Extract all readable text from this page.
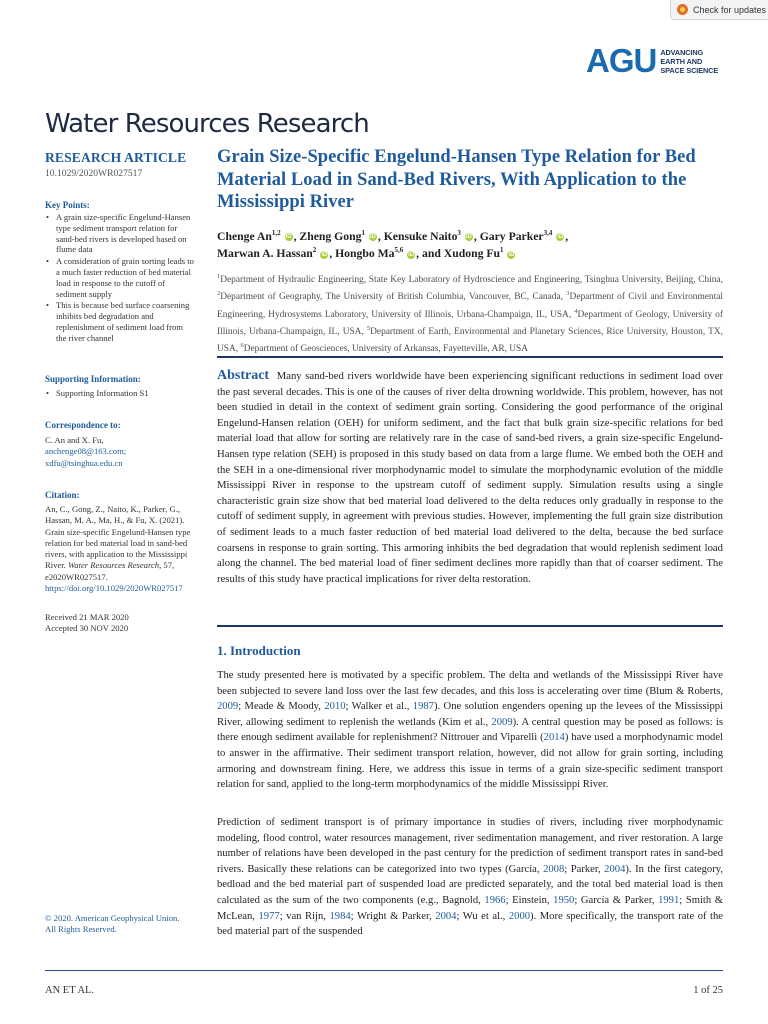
Check for updates
AGU ADVANCING
EARTH AND
SPACE SCIENCE
Water Resources Research
RESEARCH ARTICLE
10.1029/2020WR027517
Key Points:
• A grain size-specific Engelund-Hansen type sediment transport relation for sand-bed rivers is developed based on flume data
• A consideration of grain sorting leads to a much faster reduction of bed material load in response to the cutoff of sediment supply
• This is because bed surface coarsening inhibits bed degradation and replenishment of sediment load from the river channel
Supporting Information:
• Supporting Information S1
Correspondence to:
C. An and X. Fu,
anchenge08@163.com;
xdfu@tsinghua.edu.cn
Citation:
An, C., Gong, Z., Naito, K., Parker, G., Hassan, M. A., Ma, H., & Fu, X. (2021). Grain size-specific Engelund-Hansen type relation for bed material load in sand-bed rivers, with application to the Mississippi River. Water Resources Research, 57, e2020WR027517. https://doi.org/10.1029/2020WR027517
Received 21 MAR 2020
Accepted 30 NOV 2020
© 2020. American Geophysical Union.
All Rights Reserved.
Grain Size-Specific Engelund-Hansen Type Relation for Bed Material Load in Sand-Bed Rivers, With Application to the Mississippi River
Chenge An$^{1,2}$ iD , Zheng Gong$^1$ iD , Kensuke Naito$^3$ iD , Gary Parker$^{3,4}$ iD ,
Marwan A. Hassan$^2$ iD , Hongbo Ma$^{5,6}$ iD , and Xudong Fu$^1$ iD
$^1$Department of Hydraulic Engineering, State Key Laboratory of Hydroscience and Engineering, Tsinghua University, Beijing, China, $^2$Department of Geography, The University of British Columbia, Vancouver, BC, Canada, $^3$Department of Civil and Environmental Engineering, Hydrosystems Laboratory, University of Illinois, Urbana-Champaign, IL, USA, $^4$Department of Geology, University of Illinois, Urbana-Champaign, IL, USA, $^5$Department of Earth, Environmental and Planetary Sciences, Rice University, Houston, TX, USA, $^6$Department of Geosciences, University of Arkansas, Fayetteville, AR, USA
Abstract Many sand-bed rivers worldwide have been experiencing significant reductions in sediment load over the past several decades. This is one of the causes of river delta drowning worldwide. This problem, however, has not been studied in detail in the context of sediment grain sorting. Considering the good performance of the original Engelund-Hansen relation (OEH) for uniform sediment, and the fact that bulk grain size-specific relations for bed material load that allow for sorting are relatively rare in the case of sand-bed rivers, a grain size-specific Engelund-Hansen type relation (SEH) is proposed in this study based on data from a large flume. We embed both the OEH and the SEH in a one-dimensional river morphodynamic model to simulate the morphodynamic evolution of the middle Mississippi River in response to the upstream cutoff of sediment supply. Simulation results using a single characteristic grain size show that bed material load delivered to the delta reduces only gradually in response to the cutoff of sediment supply, in agreement with previous studies. However, implementing the full grain size distribution of sediment leads to a much faster reduction of bed material load delivered to the delta, because the bed surface coarsens in response to grain sorting. This armoring inhibits the bed degradation that would replenish sediment load along the channel. The bed material load of finer sediment declines more rapidly than that of coarser sediment. The results of this study have practical implications for river delta restoration.
1. Introduction
The study presented here is motivated by a specific problem. The delta and wetlands of the Mississippi River have been subjected to severe land loss over the last few decades, and this loss is accelerating over time (Blum & Roberts, 2009; Meade & Moody, 2010; Walker et al., 1987). One solution engenders opening up the levees of the Mississippi River, allowing sediment to replenish the wetlands (Kim et al., 2009). A central question may be posed as follows: is there enough sediment available for replenishment? Nittrouer and Viparelli (2014) have used a morphodynamic model to answer in the affirmative. Their sediment transport relation, however, did not allow for grain sorting, including armoring and downstream fining. Here, we address this issue in terms of a grain size-specific sediment transport relation for sand, applied to the long-term morphodynamics of the middle Mississippi River.
Prediction of sediment transport is of primary importance in studies of rivers, including river morphodynamic modeling, flood control, water resources management, river sedimentation management, and river restoration. A large number of relations have been developed in the past century for the prediction of sediment transport rates in sand-bed rivers. Basically these relations can be categorized into two types (García, 2008; Parker, 2004). In the first category, bedload and the bed material part of suspended load are predicted separately, and the total bed material load is then calculated as the sum of the two components (e.g., Bagnold, 1966; Einstein, 1950; García & Parker, 1991; Smith & McLean, 1977; van Rijn, 1984; Wright & Parker, 2004; Wu et al., 2000). More specifically, the transport rate of the bed material part of the suspended
AN ET AL.	1 of 25
